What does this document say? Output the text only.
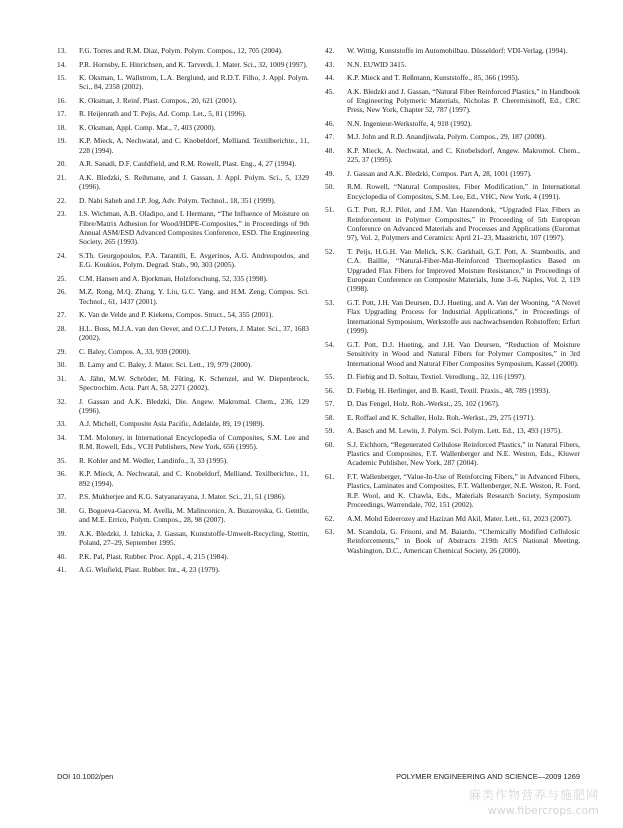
13.	F.G. Torres and R.M. Diaz, Polym. Polym. Compos., 12, 705 (2004).
14.	P.R. Hornsby, E. Hinrichsen, and K. Tarverdi, J. Mater. Sci., 32, 1009 (1997).
15.	K. Oksman, L. Wallstrom, L.A. Berglund, and R.D.T. Filho, J. Appl. Polym. Sci., 84, 2358 (2002).
16.	K. Oksman, J. Reinf. Plast. Compos., 20, 621 (2001).
17.	R. Heijenrath and T. Pejis, Ad. Comp. Let., 5, 81 (1996).
18.	K. Oksman, Appl. Comp. Mat., 7, 403 (2000).
19.	K.P. Mieck, A. Nechwatal, and C. Knobeldorf, Melliand. Textilberichte., 11, 228 (1994).
20.	A.R. Sanadi, D.F. Cauldfield, and R.M. Rowell, Plast. Eng., 4, 27 (1994).
21.	A.K. Bledzki, S. Reihmane, and J. Gassan, J. Appl. Polym. Sci., 5, 1329 (1996).
22.	D. Nabi Saheb and J.P. Jog, Adv. Polym. Technol., 18, 351 (1999).
23.	I.S. Wichman, A.B. Oladipo, and I. Hermann, “The Influence of Moisture on Fibre/Matrix Adhesion for Wood/HDPE-Composites,” in Proceedings of 9th Annual ASM/ESD Advanced Composites Conference, ESD. The Engineering Society, 265 (1993).
24.	S.Th. Georgopoulos, P.A. Tarantili, E. Avgerinos, A.G. Andreopoulos, and E.G. Koukios, Polym. Degrad. Stab., 90, 303 (2005).
25.	C.M. Hansen and A. Bjorkman, Holzforschung, 52, 335 (1998).
26.	M.Z. Rong, M.Q. Zhang, Y. Liu, G.C. Yang, and H.M. Zeng, Compos. Sci. Technol., 61, 1437 (2001).
27.	K. Van de Velde and P. Kiekens, Compos. Struct., 54, 355 (2001).
28.	H.L. Boss, M.J.A. van den Oever, and O.C.J.J Peters, J. Mater. Sci., 37, 1683 (2002).
29.	C. Baley, Compos. A, 33, 939 (2000).
30.	B. Lamy and C. Baley, J. Mater. Sci. Lett., 19, 979 (2000).
31.	A. Jähn, M.W. Schröder, M. Füting, K. Schenzel, and W. Diepenbrock, Spectrochim. Acta. Part A, 58, 2271 (2002).
32.	J. Gassan and A.K. Bledzki, Die. Angew. Makromal. Chem., 236, 129 (1996).
33.	A.J. Michell, Composite Asia Pacific, Adelaide, 89, 19 (1989).
34.	T.M. Moloney, in International Encyclopedia of Composites, S.M. Lee and R.M. Rowell, Eds., VCH Publishers, New York, 656 (1995).
35.	R. Kohler and M. Wedler, Landinfo., 3, 33 (1995).
36.	K.P. Mieck, A. Nechwatal, and C. Knobeldorf, Melliand. Texilberichte., 11, 892 (1994).
37.	P.S. Mukherjee and K.G. Satyanarayana, J. Mater. Sci., 21, 51 (1986).
38.	G. Bogoeva-Gaceva, M. Avella, M. Malinconico, A. Buzarovska, G. Gentile, and M.E. Errico, Polym. Compos., 28, 98 (2007).
39.	A.K. Bledzki, J. Izbicka, J. Gassan, Kunststoffe-Umwelt-Recycling, Stettin, Poland, 27–29, September 1995.
40.	P.K. Pal, Plast. Rubber. Proc. Appl., 4, 215 (1984).
41.	A.G. Winfield, Plast. Rubber. Int., 4, 23 (1979).
42.	W. Wittig, Kunststoffe im Automobilbau. Düsseldorf: VDI-Verlag, (1994).
43.	N.N. EUWID 3415.
44.	K.P. Mieck and T. Reßmann, Kunststoffe., 85, 366 (1995).
45.	A.K. Bledzki and J. Gassan, “Natural Fiber Reinforced Plastics,” in Handbook of Engineering Polymeric Materials, Nicholas P. Cheremisinoff, Ed., CRC Press, New York, Chapter 52, 787 (1997).
46.	N.N. Ingenieur-Werkstoffe, 4, 918 (1992).
47.	M.J. John and R.D. Anandjiwala, Polym. Compos., 29, 187 (2008).
48.	K.P. Mieck, A. Nechwatal, and C. Knobelsdorf, Angew. Makromol. Chem., 225, 37 (1995).
49.	J. Gassan and A.K. Bledzki, Compos. Part A, 28, 1001 (1997).
50.	R.M. Rowell, “Natural Composites, Fiber Modification,” in International Encyclopedia of Composites, S.M. Lee, Ed., VHC, New York, 4 (1991).
51.	G.T. Pott, R.J. Pilot, and J.M. Van Hazendonk, “Upgraded Flax Fibers as Reinforcement in Polymer Composites,” in Proceeding of 5th European Conference on Advanced Materials and Processes and Applications (Euromat 97), Vol. 2, Polymers and Ceramics: April 21–23, Maastricht, 107 (1997).
52.	T. Peijs, H.G.H. Van Melick, S.K. Garkhail, G.T. Pott, A. Stamboulis, and C.A. Baillie, “Natural-Fiber-Mat-Reinforced Thermoplastics Based on Upgraded Flax Fibers for Improved Moisture Resistance,” in Proceedings of European Conference on Composite Materials, June 3–6, Naples, Vol. 2, 119 (1998).
53.	G.T. Pott, J.H. Van Deursen, D.J. Hueting, and A. Van der Wooning, “A Novel Flax Upgrading Process for Industrial Applications,” in Proceedings of International Symposium, Werkstoffe aus nachwachsenden Rohstoffen; Erfurt (1999).
54.	G.T. Pott, D.J. Hueting, and J.H. Van Deursen, “Reduction of Moisture Sensitivity in Wood and Natural Fibers for Polymer Composites,” in 3rd International Wood and Natural Fiber Composites Symposium, Kassel (2000).
55.	D. Fiebig and D. Soltau, Textiel. Veredlung., 32, 116 (1997).
56.	D. Fiebig, H. Herlinger, and B. Kastl, Textil. Praxis., 48, 789 (1993).
57.	D. Das Fengel, Holz. Roh.-Werkst., 25, 102 (1967).
58.	E. Roffael and K. Schaller, Holz. Roh.-Werkst., 29, 275 (1971).
59.	A. Basch and M. Lewin, J. Polym. Sci. Polym. Lett. Ed., 13, 493 (1975).
60.	S.J. Eichhorn, “Regenerated Cellulose Reinforced Plastics,” in Natural Fibers, Plastics and Composites, F.T. Wallenberger and N.E. Weston, Eds., Kluwer Academic Publisher, New York, 287 (2004).
61.	F.T. Wallenberger, “Value-In-Use of Reinforcing Fibers,” in Advanced Fibers, Plastics, Laminates and Composites, F.T. Wallenberger, N.E. Weston, R. Ford, R.P. Wool, and K. Chawla, Eds., Materials Research Society, Symposium Proceedings, Warrendale, 702, 151 (2002).
62.	A.M. Mohd Edeerozey and Hazizan Md Akil, Mater. Lett., 61, 2023 (2007).
63.	M. Scandola, G. Frisoni, and M. Baiardo, “Chemically Modified Cellulosic Reinforcements,” in Book of Abstracts 219th ACS National Meeting, Washington, D.C., American Chemical Society, 26 (2000).
DOI 10.1002/pen	POLYMER ENGINEERING AND SCIENCE—2009 1269
麻类作物营养与施肥网
www.fibercrops.com
